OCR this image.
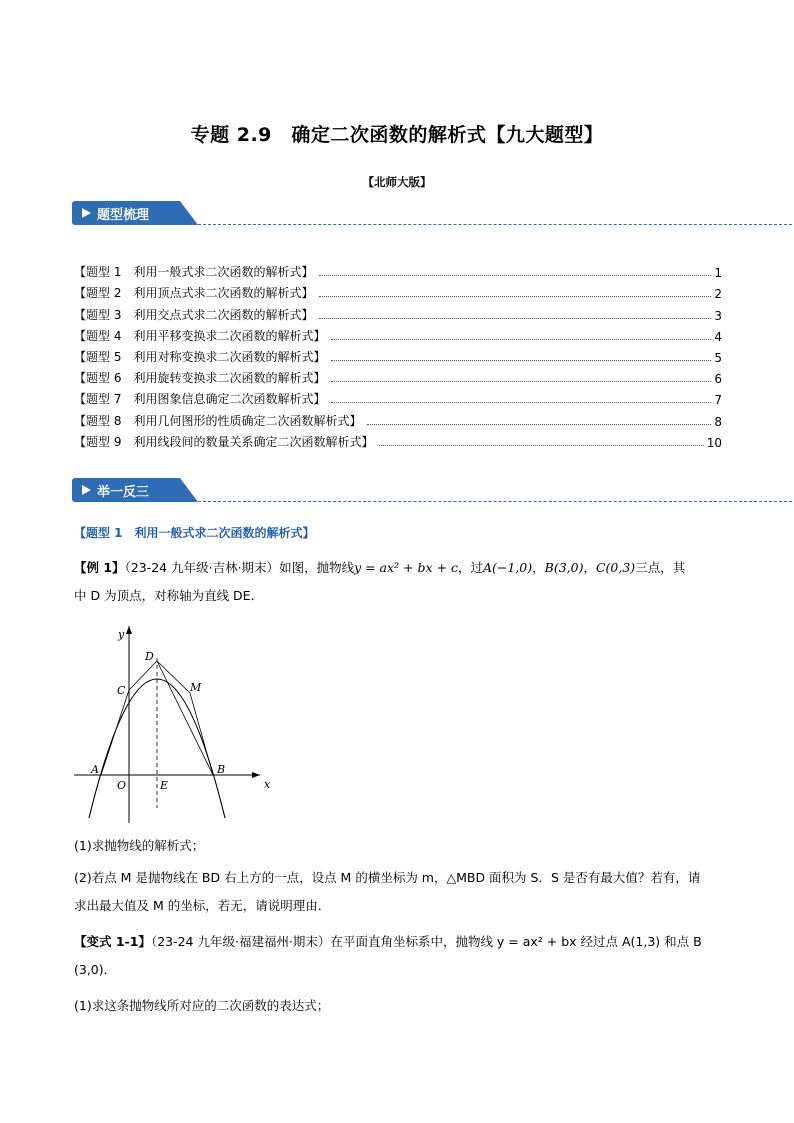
专题 2.9　确定二次函数的解析式【九大题型】
【北师大版】
题型梳理
【题型 1　利用一般式求二次函数的解析式】	1
【题型 2　利用顶点式求二次函数的解析式】	2
【题型 3　利用交点式求二次函数的解析式】	3
【题型 4　利用平移变换求二次函数的解析式】	4
【题型 5　利用对称变换求二次函数的解析式】	5
【题型 6　利用旋转变换求二次函数的解析式】	6
【题型 7　利用图象信息确定二次函数解析式】	7
【题型 8　利用几何图形的性质确定二次函数解析式】	8
【题型 9　利用线段间的数量关系确定二次函数解析式】	10
举一反三
【题型 1　利用一般式求二次函数的解析式】
【例 1】（23-24 九年级·吉林·期末）如图，抛物线y = ax² + bx + c，过A(−1,0)，B(3,0)，C(0,3)三点，其
中 D 为顶点，对称轴为直线 DE．
x
y
A	B
C
D
E
M
O
(1)求抛物线的解析式；
(2)若点 M 是抛物线在 BD 右上方的一点，设点 M 的横坐标为 m，△MBD 面积为 S．S 是否有最大值？若有，请
求出最大值及 M 的坐标，若无，请说明理由．
【变式 1-1】（23-24 九年级·福建福州·期末）在平面直角坐标系中，抛物线 y = ax² + bx 经过点 A(1,3) 和点 B
(3,0)．
(1)求这条抛物线所对应的二次函数的表达式；
